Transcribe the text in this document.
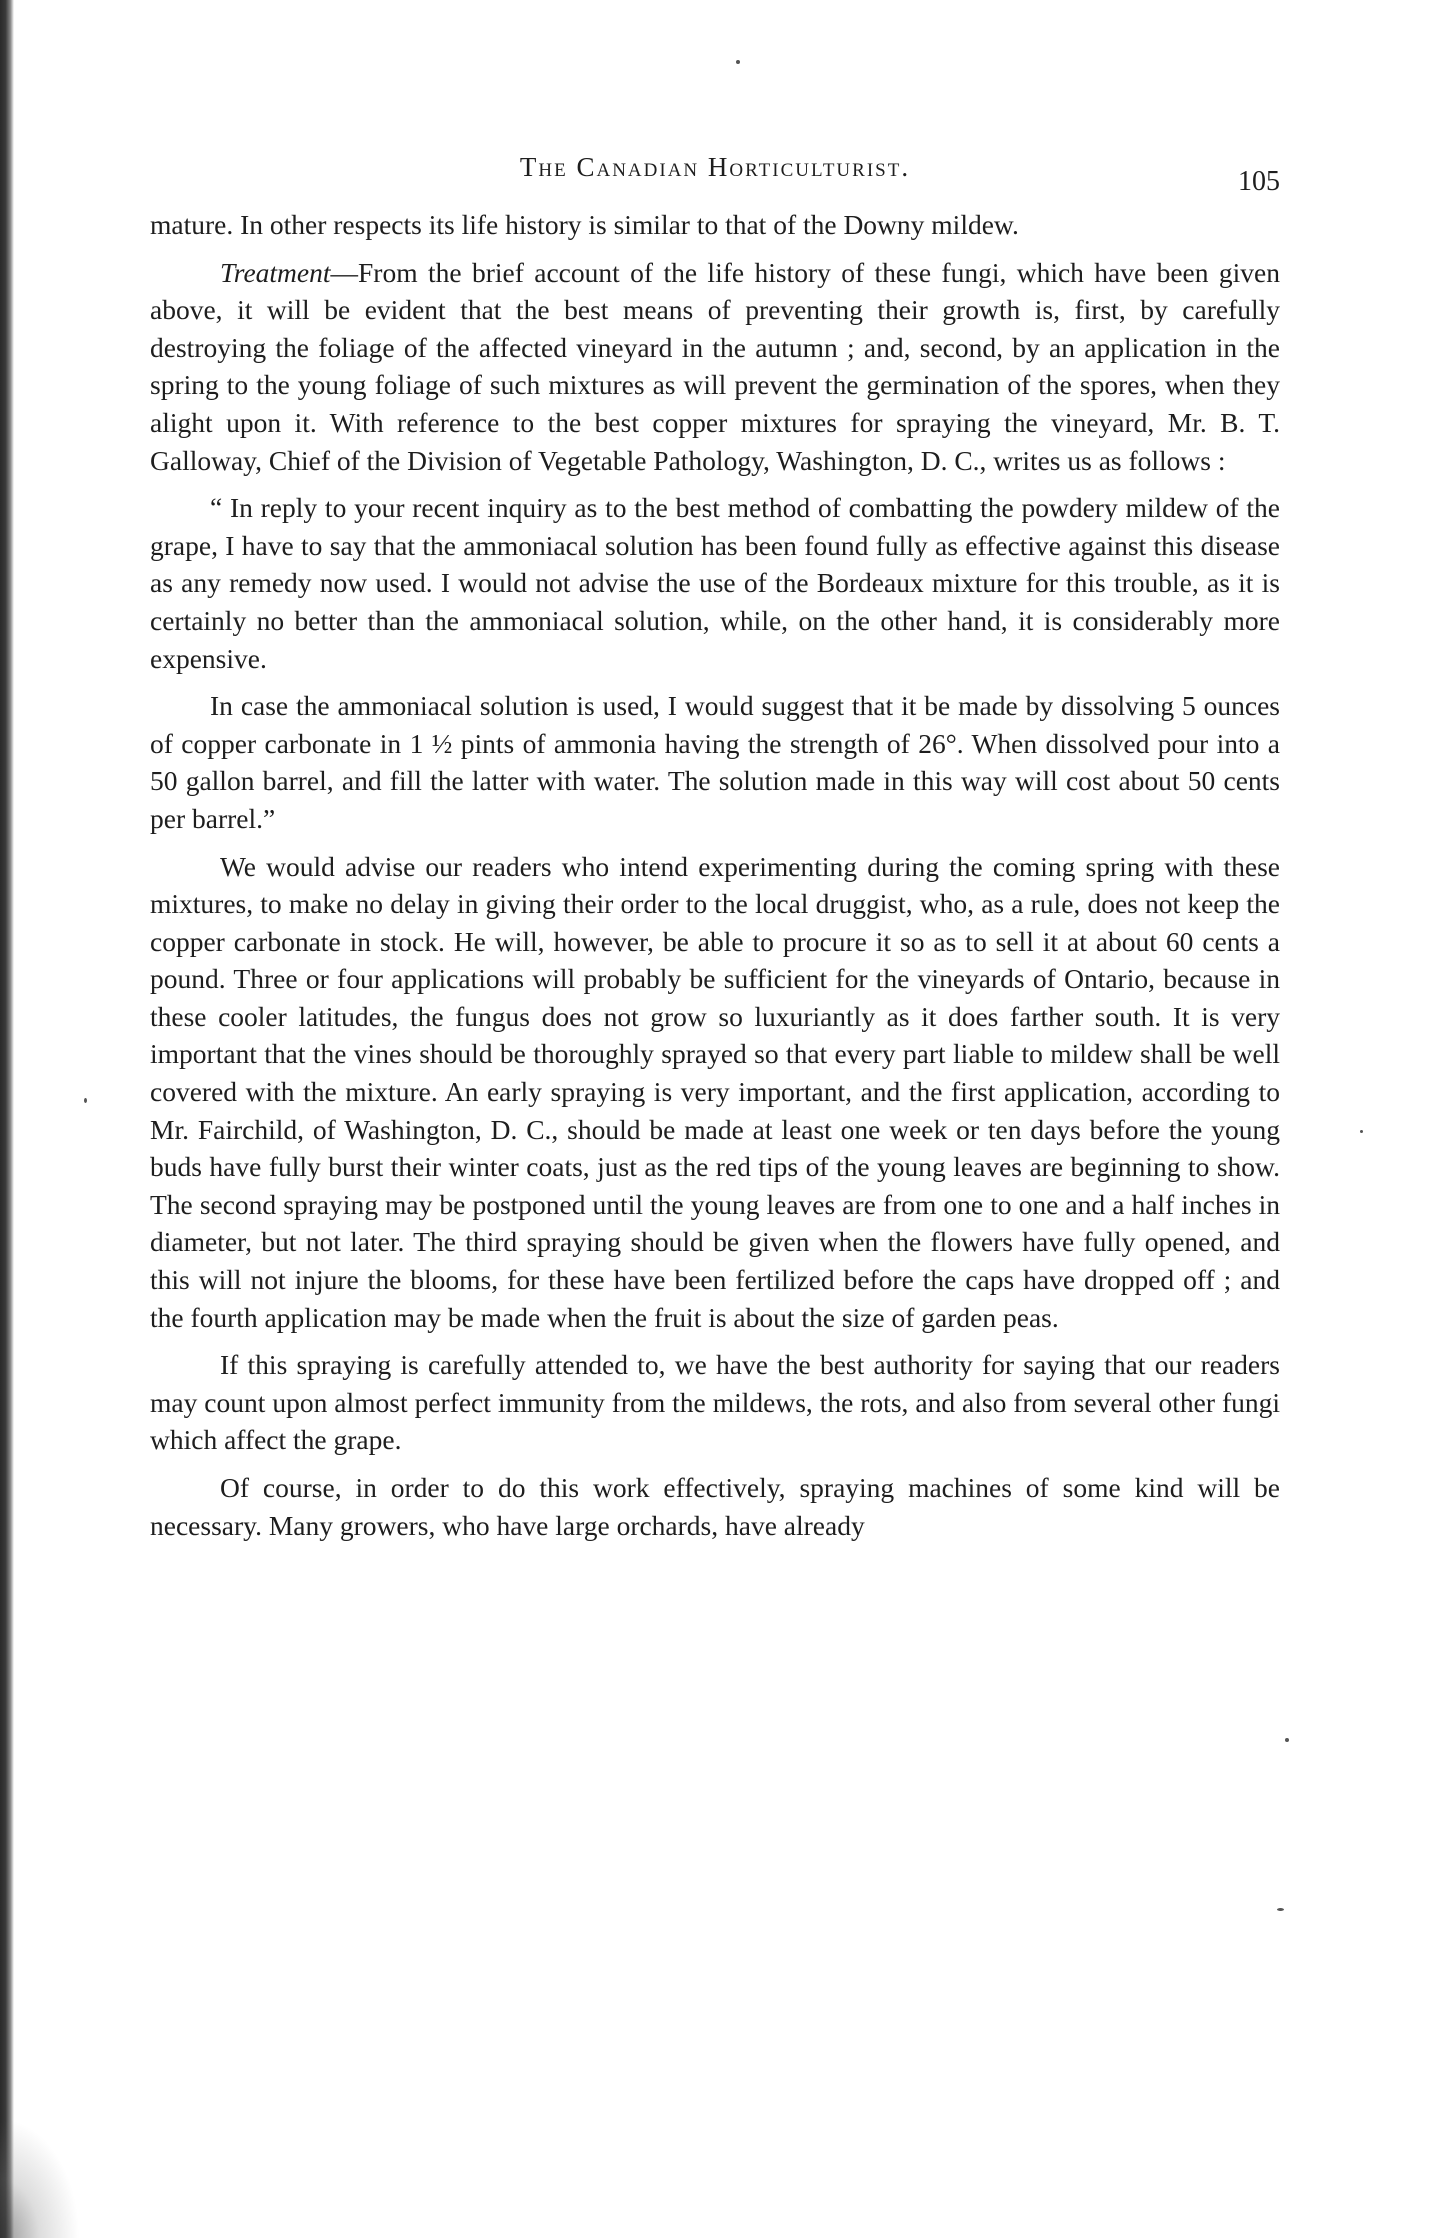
The Canadian Horticulturist.	105

mature. In other respects its life history is similar to that of the Downy mildew.

Treatment—From the brief account of the life history of these fungi, which have been given above, it will be evident that the best means of preventing their growth is, first, by carefully destroying the foliage of the affected vineyard in the autumn ; and, second, by an application in the spring to the young foliage of such mixtures as will prevent the germination of the spores, when they alight upon it. With reference to the best copper mixtures for spraying the vineyard, Mr. B. T. Galloway, Chief of the Division of Vegetable Pathology, Washington, D. C., writes us as follows :

“ In reply to your recent inquiry as to the best method of combatting the powdery mildew of the grape, I have to say that the ammoniacal solution has been found fully as effective against this disease as any remedy now used. I would not advise the use of the Bordeaux mixture for this trouble, as it is certainly no better than the ammoniacal solution, while, on the other hand, it is considerably more expensive.

In case the ammoniacal solution is used, I would suggest that it be made by dissolving 5 ounces of copper carbonate in 1 ½ pints of ammonia having the strength of 26°. When dissolved pour into a 50 gallon barrel, and fill the latter with water. The solution made in this way will cost about 50 cents per barrel.”

We would advise our readers who intend experimenting during the coming spring with these mixtures, to make no delay in giving their order to the local druggist, who, as a rule, does not keep the copper carbonate in stock. He will, however, be able to procure it so as to sell it at about 60 cents a pound. Three or four applications will probably be sufficient for the vineyards of Ontario, because in these cooler latitudes, the fungus does not grow so luxuriantly as it does farther south. It is very important that the vines should be thoroughly sprayed so that every part liable to mildew shall be well covered with the mixture. An early spraying is very important, and the first application, according to Mr. Fairchild, of Washington, D. C., should be made at least one week or ten days before the young buds have fully burst their winter coats, just as the red tips of the young leaves are beginning to show. The second spraying may be postponed until the young leaves are from one to one and a half inches in diameter, but not later. The third spraying should be given when the flowers have fully opened, and this will not injure the blooms, for these have been fertilized before the caps have dropped off ; and the fourth application may be made when the fruit is about the size of garden peas.

If this spraying is carefully attended to, we have the best authority for saying that our readers may count upon almost perfect immunity from the mildews, the rots, and also from several other fungi which affect the grape.

Of course, in order to do this work effectively, spraying machines of some kind will be necessary. Many growers, who have large orchards, have already
